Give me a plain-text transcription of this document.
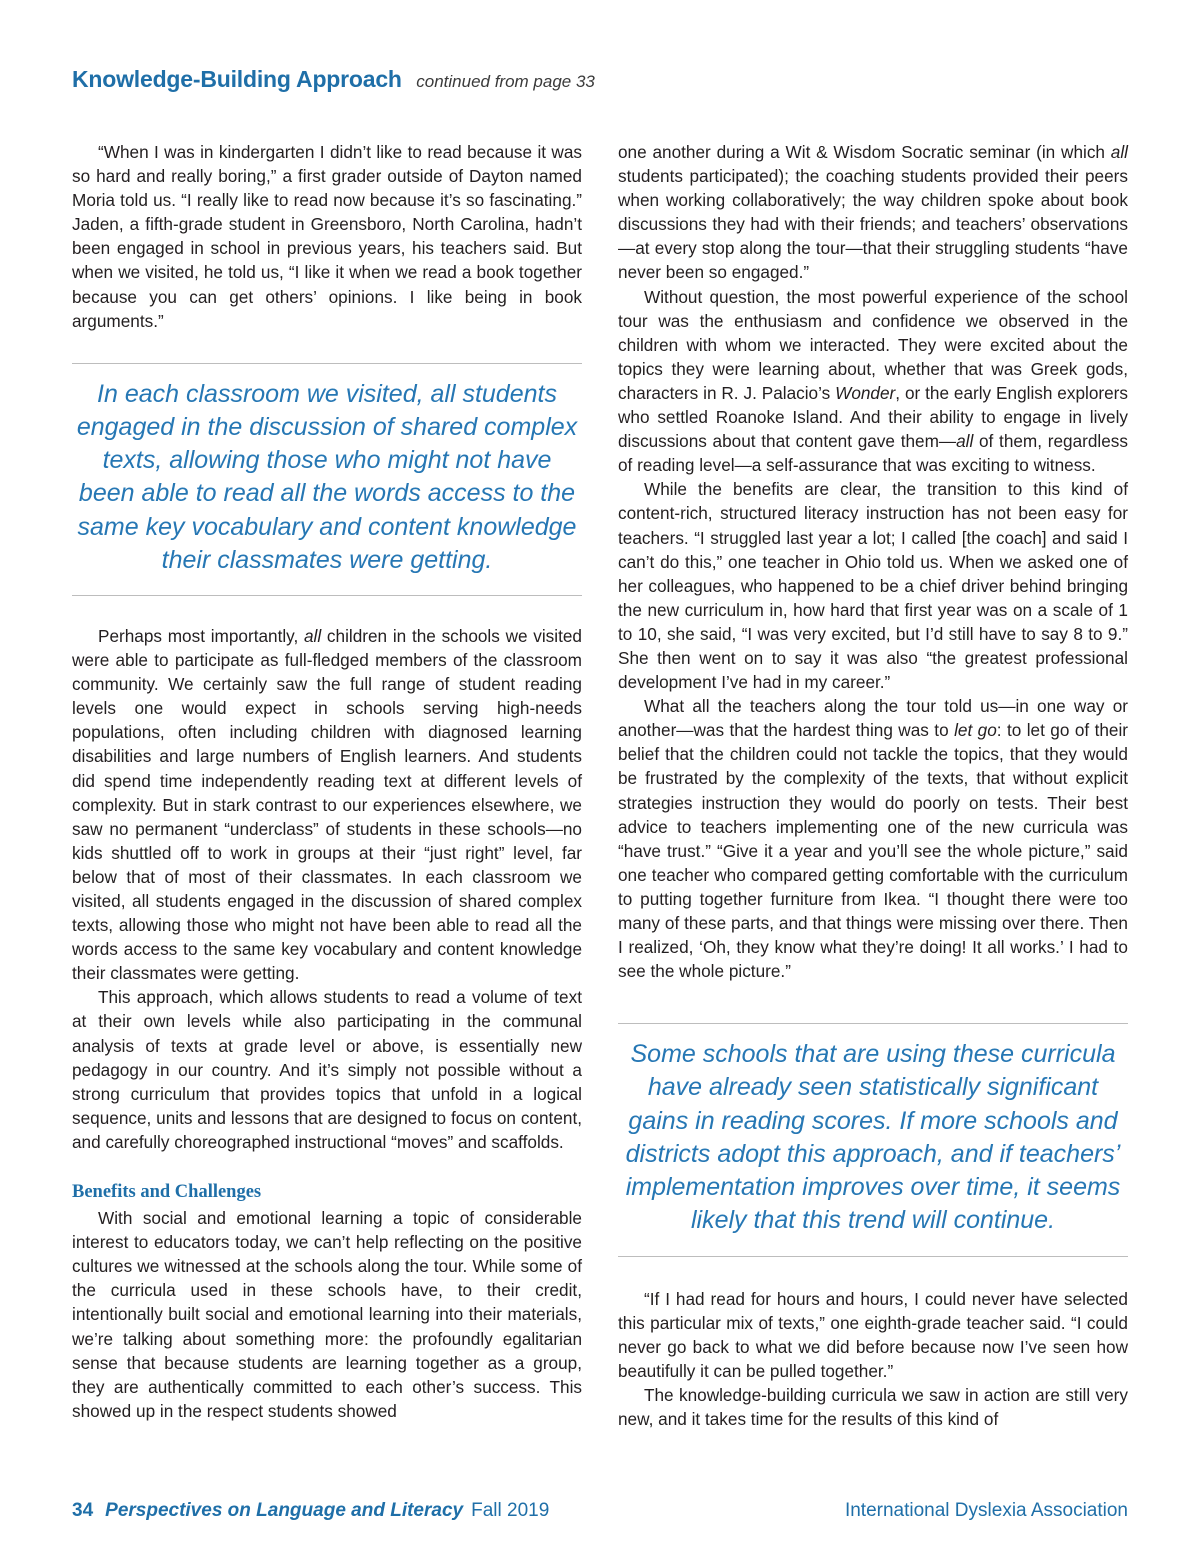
Knowledge-Building Approach continued from page 33

“When I was in kindergarten I didn’t like to read because it was so hard and really boring,” a first grader outside of Dayton named Moria told us. “I really like to read now because it’s so fascinating.” Jaden, a fifth-grade student in Greensboro, North Carolina, hadn’t been engaged in school in previous years, his teachers said. But when we visited, he told us, “I like it when we read a book together because you can get others’ opinions. I like being in book arguments.”

In each classroom we visited, all students engaged in the discussion of shared complex texts, allowing those who might not have been able to read all the words access to the same key vocabulary and content knowledge their classmates were getting.

Perhaps most importantly, all children in the schools we visited were able to participate as full-fledged members of the classroom community. We certainly saw the full range of student reading levels one would expect in schools serving high-needs populations, often including children with diagnosed learning disabilities and large numbers of English learners. And students did spend time independently reading text at different levels of complexity. But in stark contrast to our experiences elsewhere, we saw no permanent “underclass” of students in these schools—no kids shuttled off to work in groups at their “just right” level, far below that of most of their classmates. In each classroom we visited, all students engaged in the discussion of shared complex texts, allowing those who might not have been able to read all the words access to the same key vocabulary and content knowledge their classmates were getting.

This approach, which allows students to read a volume of text at their own levels while also participating in the communal analysis of texts at grade level or above, is essentially new pedagogy in our country. And it’s simply not possible without a strong curriculum that provides topics that unfold in a logical sequence, units and lessons that are designed to focus on content, and carefully choreographed instructional “moves” and scaffolds.

Benefits and Challenges

With social and emotional learning a topic of considerable interest to educators today, we can’t help reflecting on the positive cultures we witnessed at the schools along the tour. While some of the curricula used in these schools have, to their credit, intentionally built social and emotional learning into their materials, we’re talking about something more: the profoundly egalitarian sense that because students are learning together as a group, they are authentically committed to each other’s success. This showed up in the respect students showed

one another during a Wit & Wisdom Socratic seminar (in which all students participated); the coaching students provided their peers when working collaboratively; the way children spoke about book discussions they had with their friends; and teachers’ observations—at every stop along the tour—that their struggling students “have never been so engaged.”

Without question, the most powerful experience of the school tour was the enthusiasm and confidence we observed in the children with whom we interacted. They were excited about the topics they were learning about, whether that was Greek gods, characters in R. J. Palacio’s Wonder, or the early English explorers who settled Roanoke Island. And their ability to engage in lively discussions about that content gave them—all of them, regardless of reading level—a self-assurance that was exciting to witness.

While the benefits are clear, the transition to this kind of content-rich, structured literacy instruction has not been easy for teachers. “I struggled last year a lot; I called [the coach] and said I can’t do this,” one teacher in Ohio told us. When we asked one of her colleagues, who happened to be a chief driver behind bringing the new curriculum in, how hard that first year was on a scale of 1 to 10, she said, “I was very excited, but I’d still have to say 8 to 9.” She then went on to say it was also “the greatest professional development I’ve had in my career.”

What all the teachers along the tour told us—in one way or another—was that the hardest thing was to let go: to let go of their belief that the children could not tackle the topics, that they would be frustrated by the complexity of the texts, that without explicit strategies instruction they would do poorly on tests. Their best advice to teachers implementing one of the new curricula was “have trust.” “Give it a year and you’ll see the whole picture,” said one teacher who compared getting comfortable with the curriculum to putting together furniture from Ikea. “I thought there were too many of these parts, and that things were missing over there. Then I realized, ‘Oh, they know what they’re doing! It all works.’ I had to see the whole picture.”

Some schools that are using these curricula have already seen statistically significant gains in reading scores. If more schools and districts adopt this approach, and if teachers’ implementation improves over time, it seems likely that this trend will continue.

“If I had read for hours and hours, I could never have selected this particular mix of texts,” one eighth-grade teacher said. “I could never go back to what we did before because now I’ve seen how beautifully it can be pulled together.”

The knowledge-building curricula we saw in action are still very new, and it takes time for the results of this kind of

34 Perspectives on Language and Literacy Fall 2019	International Dyslexia Association
